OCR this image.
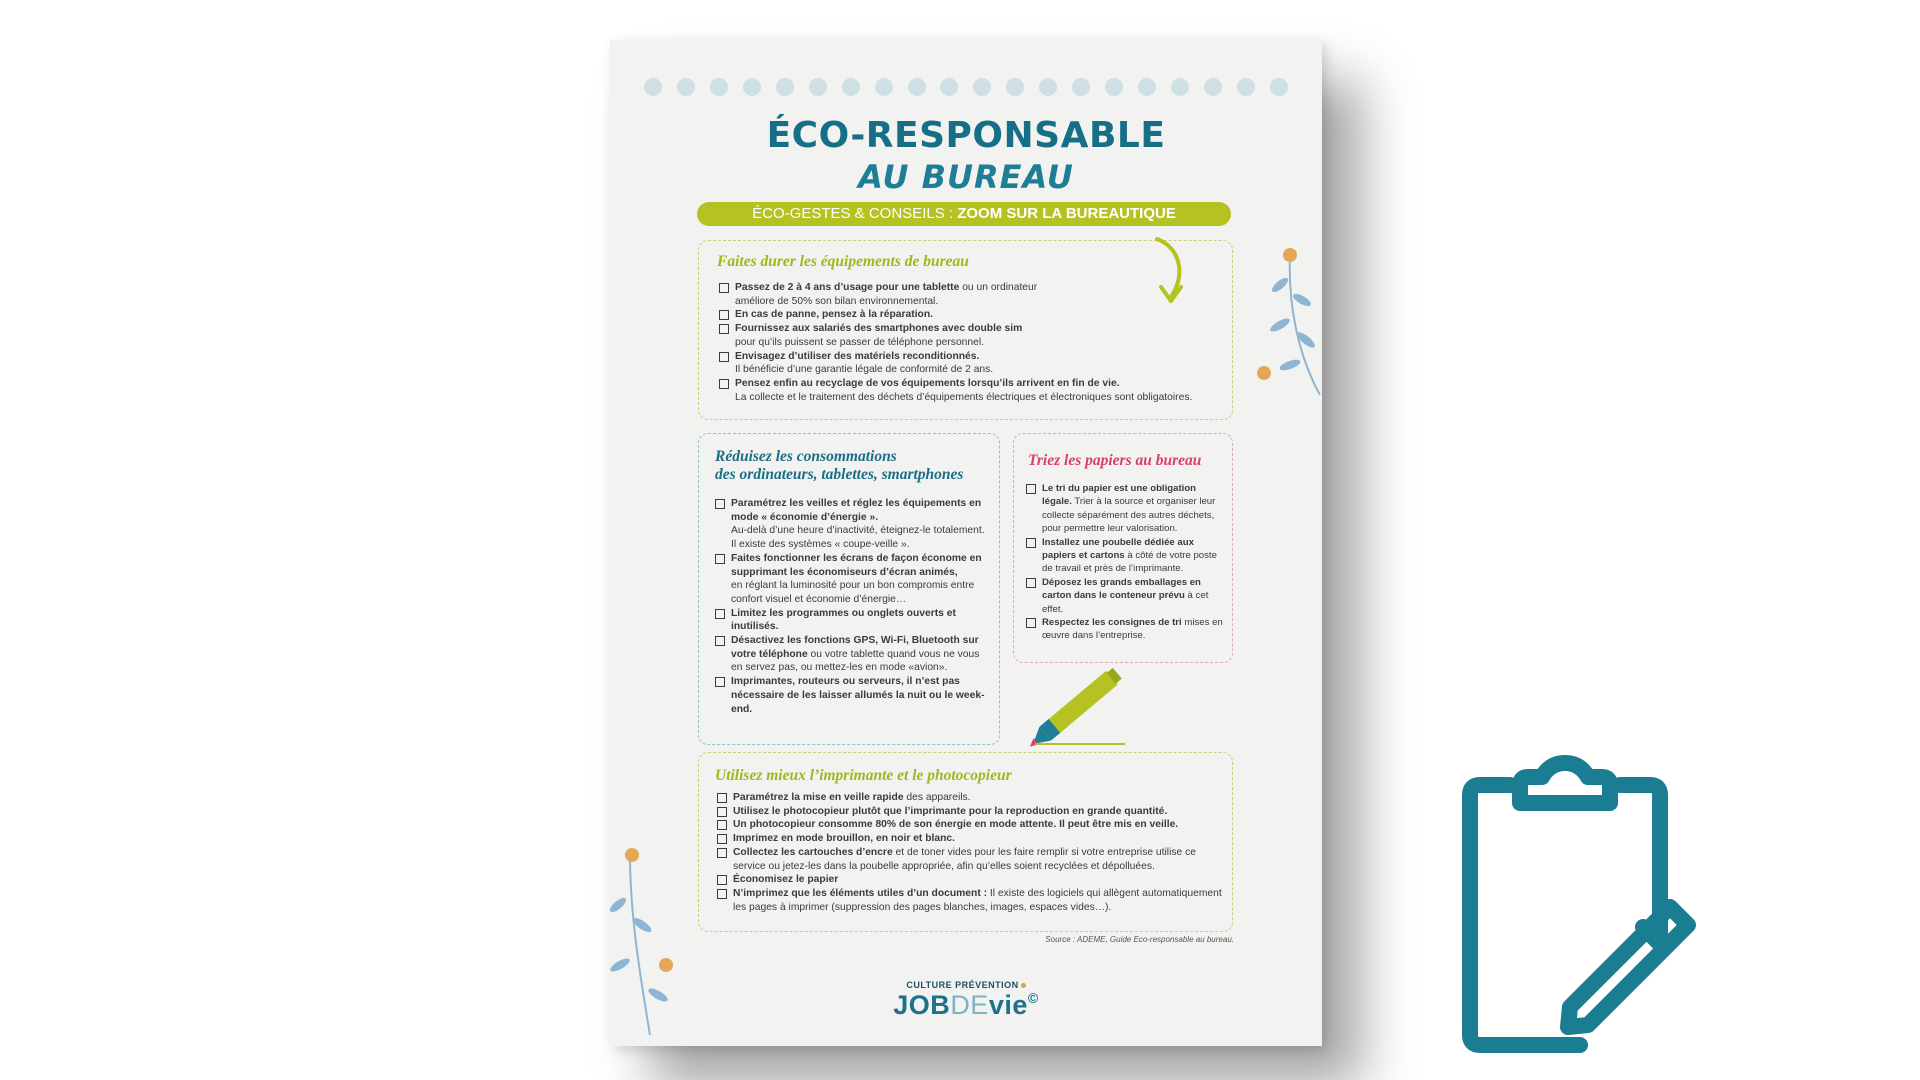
ÉCO-RESPONSABLE
AU BUREAU
ÉCO-GESTES & CONSEILS : ZOOM SUR LA BUREAUTIQUE
Faites durer les équipements de bureau
Passez de 2 à 4 ans d’usage pour une tablette ou un ordinateur
améliore de 50% son bilan environnemental.
En cas de panne, pensez à la réparation.
Fournissez aux salariés des smartphones avec double sim
pour qu’ils puissent se passer de téléphone personnel.
Envisagez d’utiliser des matériels reconditionnés.
Il bénéficie d’une garantie légale de conformité de 2 ans.
Pensez enfin au recyclage de vos équipements lorsqu’ils arrivent en fin de vie.
La collecte et le traitement des déchets d’équipements électriques et électroniques sont obligatoires.
Réduisez les consommations
des ordinateurs, tablettes, smartphones
Paramétrez les veilles et réglez les équipements en mode « économie d’énergie ».
Au-delà d’une heure d’inactivité, éteignez-le totalement. Il existe des systèmes « coupe-veille ».
Faites fonctionner les écrans de façon économe en supprimant les économiseurs d’écran animés,
en réglant la luminosité pour un bon compromis entre confort visuel et économie d’énergie…
Limitez les programmes ou onglets ouverts et inutilisés.
Désactivez les fonctions GPS, Wi-Fi, Bluetooth sur votre téléphone ou votre tablette quand vous ne vous en servez pas, ou mettez-les en mode «avion».
Imprimantes, routeurs ou serveurs, il n’est pas nécessaire de les laisser allumés la nuit ou le week-end.
Triez les papiers au bureau
Le tri du papier est une obligation légale. Trier à la source et organiser leur collecte séparément des autres déchets, pour permettre leur valorisation.
Installez une poubelle dédiée aux papiers et cartons à côté de votre poste de travail et près de l’imprimante.
Déposez les grands emballages en carton dans le conteneur prévu à cet effet.
Respectez les consignes de tri mises en œuvre dans l’entreprise.
Utilisez mieux l’imprimante et le photocopieur
Paramétrez la mise en veille rapide des appareils.
Utilisez le photocopieur plutôt que l’imprimante pour la reproduction en grande quantité.
Un photocopieur consomme 80% de son énergie en mode attente. Il peut être mis en veille.
Imprimez en mode brouillon, en noir et blanc.
Collectez les cartouches d’encre et de toner vides pour les faire remplir si votre entreprise utilise ce service ou jetez-les dans la poubelle appropriée, afin qu’elles soient recyclées et dépolluées.
Économisez le papier
N’imprimez que les éléments utiles d’un document : Il existe des logiciels qui allègent automatiquement les pages à imprimer (suppression des pages blanches, images, espaces vides…).
Source : ADEME, Guide Eco-responsable au bureau.
CULTURE PRÉVENTION
JOBDEvie©
